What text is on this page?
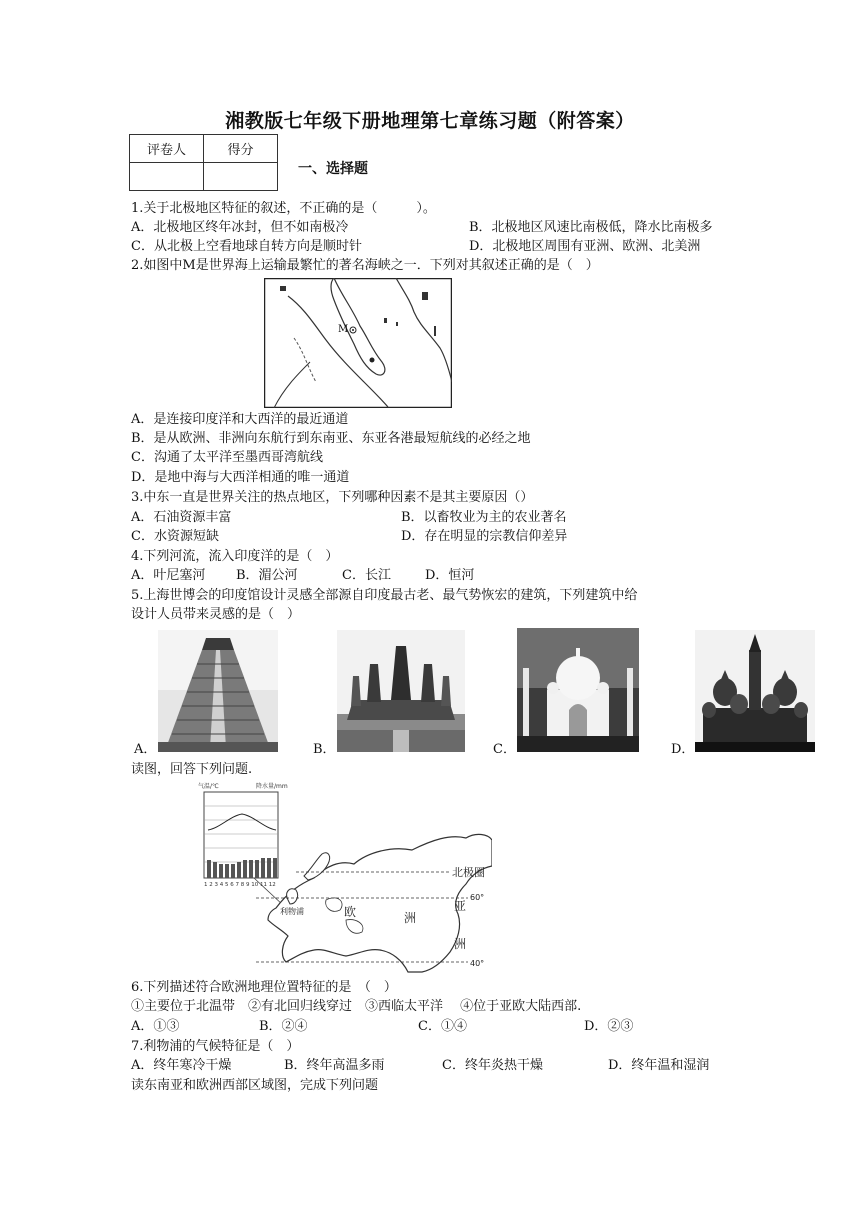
湘教版七年级下册地理第七章练习题（附答案）
评卷人	得分

一、选择题
1.关于北极地区特征的叙述，不正确的是（　　　）。
A．北极地区终年冰封，但不如南极冷	B．北极地区风速比南极低，降水比南极多
C．从北极上空看地球自转方向是顺时针	D．北极地区周围有亚洲、欧洲、北美洲
2.如图中M是世界海上运输最繁忙的著名海峡之一．下列对其叙述正确的是（　）
M
A．是连接印度洋和大西洋的最近通道
B．是从欧洲、非洲向东航行到东南亚、东亚各港最短航线的必经之地
C．沟通了太平洋至墨西哥湾航线
D．是地中海与大西洋相通的唯一通道
3.中东一直是世界关注的热点地区，下列哪种因素不是其主要原因（）
A．石油资源丰富	B．以畜牧业为主的农业著名
C．水资源短缺	D．存在明显的宗教信仰差异
4.下列河流，流入印度洋的是（　）
A．叶尼塞河 B．湄公河	C．长江	D．恒河
5.上海世博会的印度馆设计灵感全部源自印度最古老、最气势恢宏的建筑，下列建筑中给
设计人员带来灵感的是（　）
A．	B．	C．	D．
读图，回答下列问题.
气温/℃	降水量/mm
1 2 3 4 5 6 7 8 9 10 11 12
北极圈
60°
40°
欧	洲
亚
洲
利物浦
6.下列描述符合欧洲地理位置特征的是　（　）
①主要位于北温带　②有北回归线穿过　③西临太平洋　 ④位于亚欧大陆西部.
A．①③	B．②④	C．①④	D．②③
7.利物浦的气候特征是（　）
A．终年寒冷干燥	B．终年高温多雨	C．终年炎热干燥	D．终年温和湿润
读东南亚和欧洲西部区域图，完成下列问题
